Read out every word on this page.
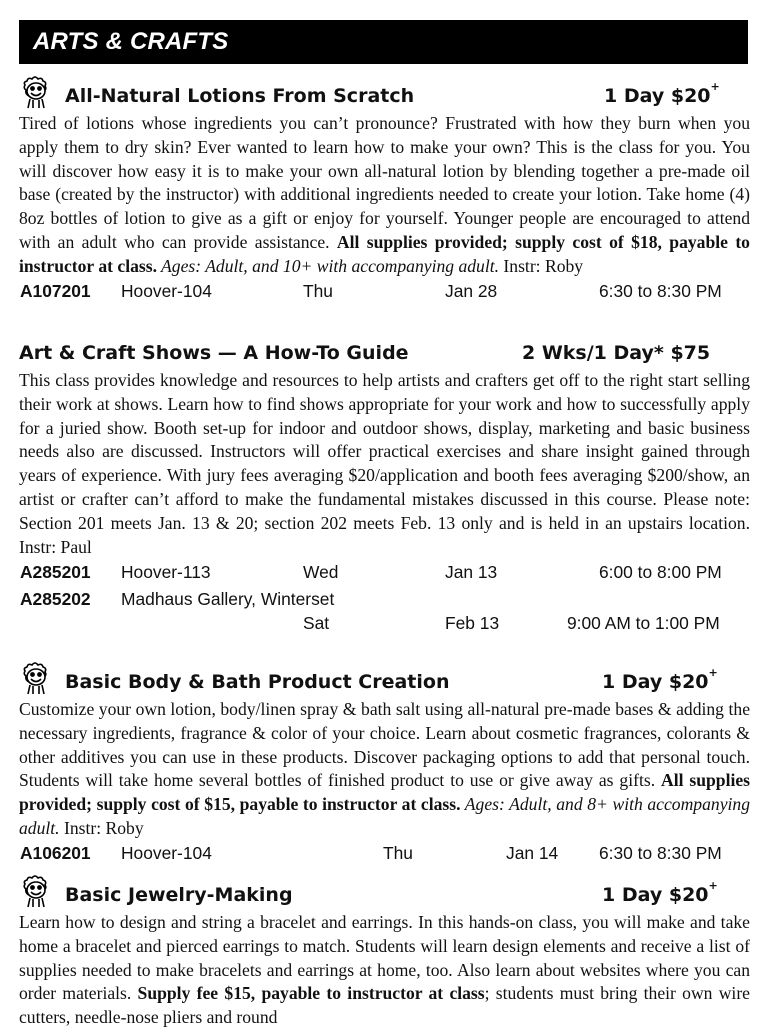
ARTS & CRAFTS
All-Natural Lotions From Scratch	1 Day $20+

Tired of lotions whose ingredients you can’t pronounce? Frustrated with how they burn when you apply them to dry skin? Ever wanted to learn how to make your own? This is the class for you. You will discover how easy it is to make your own all-natural lotion by blending together a pre-made oil base (created by the instructor) with additional ingredients needed to create your lotion. Take home (4) 8oz bottles of lotion to give as a gift or enjoy for yourself. Younger people are encouraged to attend with an adult who can provide assistance. All supplies provided; supply cost of $18, payable to instructor at class. Ages: Adult, and 10+ with accompanying adult. Instr: Roby

A107201 Hoover-104	Thu	Jan 28	6:30 to 8:30 PM
Art & Craft Shows — A How-To Guide	2 Wks/1 Day* $75

This class provides knowledge and resources to help artists and crafters get off to the right start selling their work at shows. Learn how to find shows appropriate for your work and how to successfully apply for a juried show. Booth set-up for indoor and outdoor shows, display, marketing and basic business needs also are discussed. Instructors will offer practical exercises and share insight gained through years of experience. With jury fees averaging $20/application and booth fees averaging $200/show, an artist or crafter can’t afford to make the fundamental mistakes discussed in this course. Please note: Section 201 meets Jan. 13 & 20; section 202 meets Feb. 13 only and is held in an upstairs location. Instr: Paul

A285201 Hoover-113	Wed	Jan 13	6:00 to 8:00 PM
A285202 Madhaus Gallery, Winterset
Sat	Feb 13	9:00 AM to 1:00 PM
Basic Body & Bath Product Creation	1 Day $20+

Customize your own lotion, body/linen spray & bath salt using all-natural pre-made bases & adding the necessary ingredients, fragrance & color of your choice. Learn about cosmetic fragrances, colorants & other additives you can use in these products. Discover packaging options to add that personal touch. Students will take home several bottles of finished product to use or give away as gifts. All supplies provided; supply cost of $15, payable to instructor at class. Ages: Adult, and 8+ with accompanying adult. Instr: Roby

A106201 Hoover-104	Thu	Jan 14 6:30 to 8:30 PM
Basic Jewelry-Making	1 Day $20+

Learn how to design and string a bracelet and earrings. In this hands-on class, you will make and take home a bracelet and pierced earrings to match. Students will learn design elements and receive a list of supplies needed to make bracelets and earrings at home, too. Also learn about websites where you can order materials. Supply fee $15, payable to instructor at class; students must bring their own wire cutters, needle-nose pliers and round
